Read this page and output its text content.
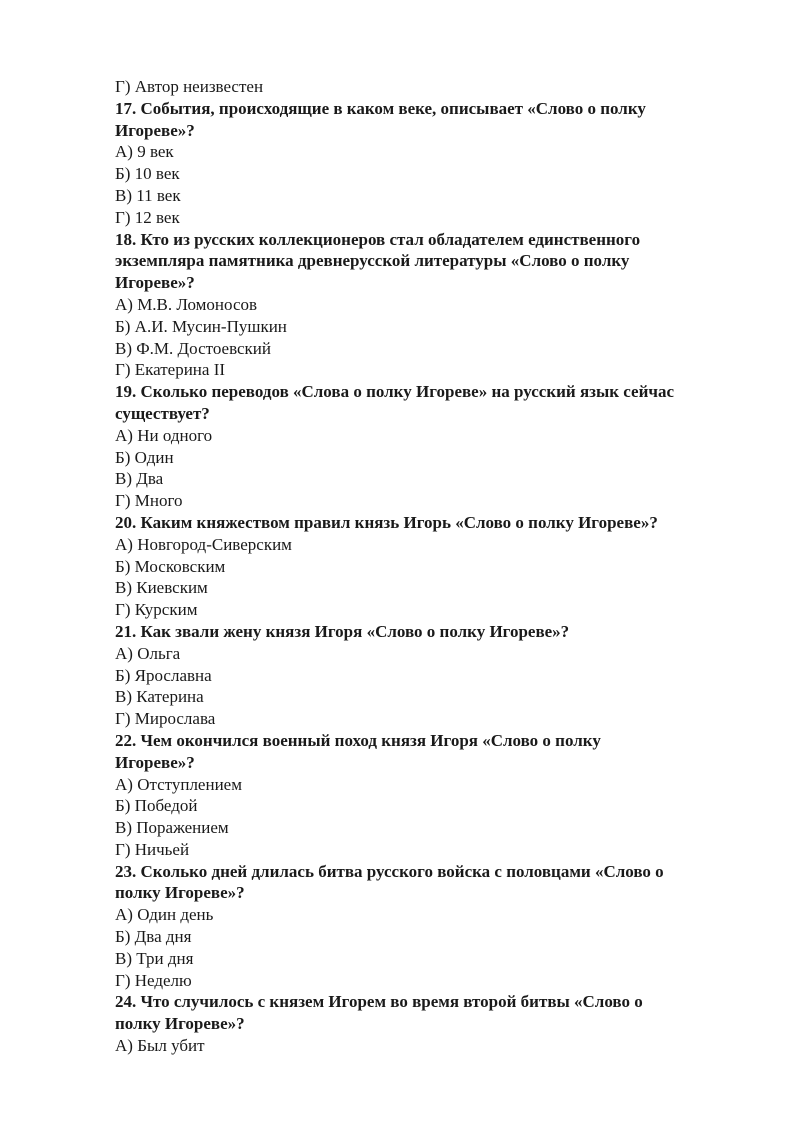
Г) Автор неизвестен
17. События, происходящие в каком веке, описывает «Слово о полку
Игореве»?
А) 9 век
Б) 10 век
В) 11 век
Г) 12 век
18. Кто из русских коллекционеров стал обладателем единственного
экземпляра памятника древнерусской литературы «Слово о полку
Игореве»?
А) М.В. Ломоносов
Б) А.И. Мусин-Пушкин
В) Ф.М. Достоевский
Г) Екатерина II
19. Сколько переводов «Слова о полку Игореве» на русский язык сейчас
существует?
А) Ни одного
Б) Один
В) Два
Г) Много
20. Каким княжеством правил князь Игорь «Слово о полку Игореве»?
А) Новгород-Сиверским
Б) Московским
В) Киевским
Г) Курским
21. Как звали жену князя Игоря «Слово о полку Игореве»?
А) Ольга
Б) Ярославна
В) Катерина
Г) Мирослава
22. Чем окончился военный поход князя Игоря «Слово о полку
Игореве»?
А) Отступлением
Б) Победой
В) Поражением
Г) Ничьей
23. Сколько дней длилась битва русского войска с половцами «Слово о
полку Игореве»?
А) Один день
Б) Два дня
В) Три дня
Г) Неделю
24. Что случилось с князем Игорем во время второй битвы «Слово о
полку Игореве»?
А) Был убит
